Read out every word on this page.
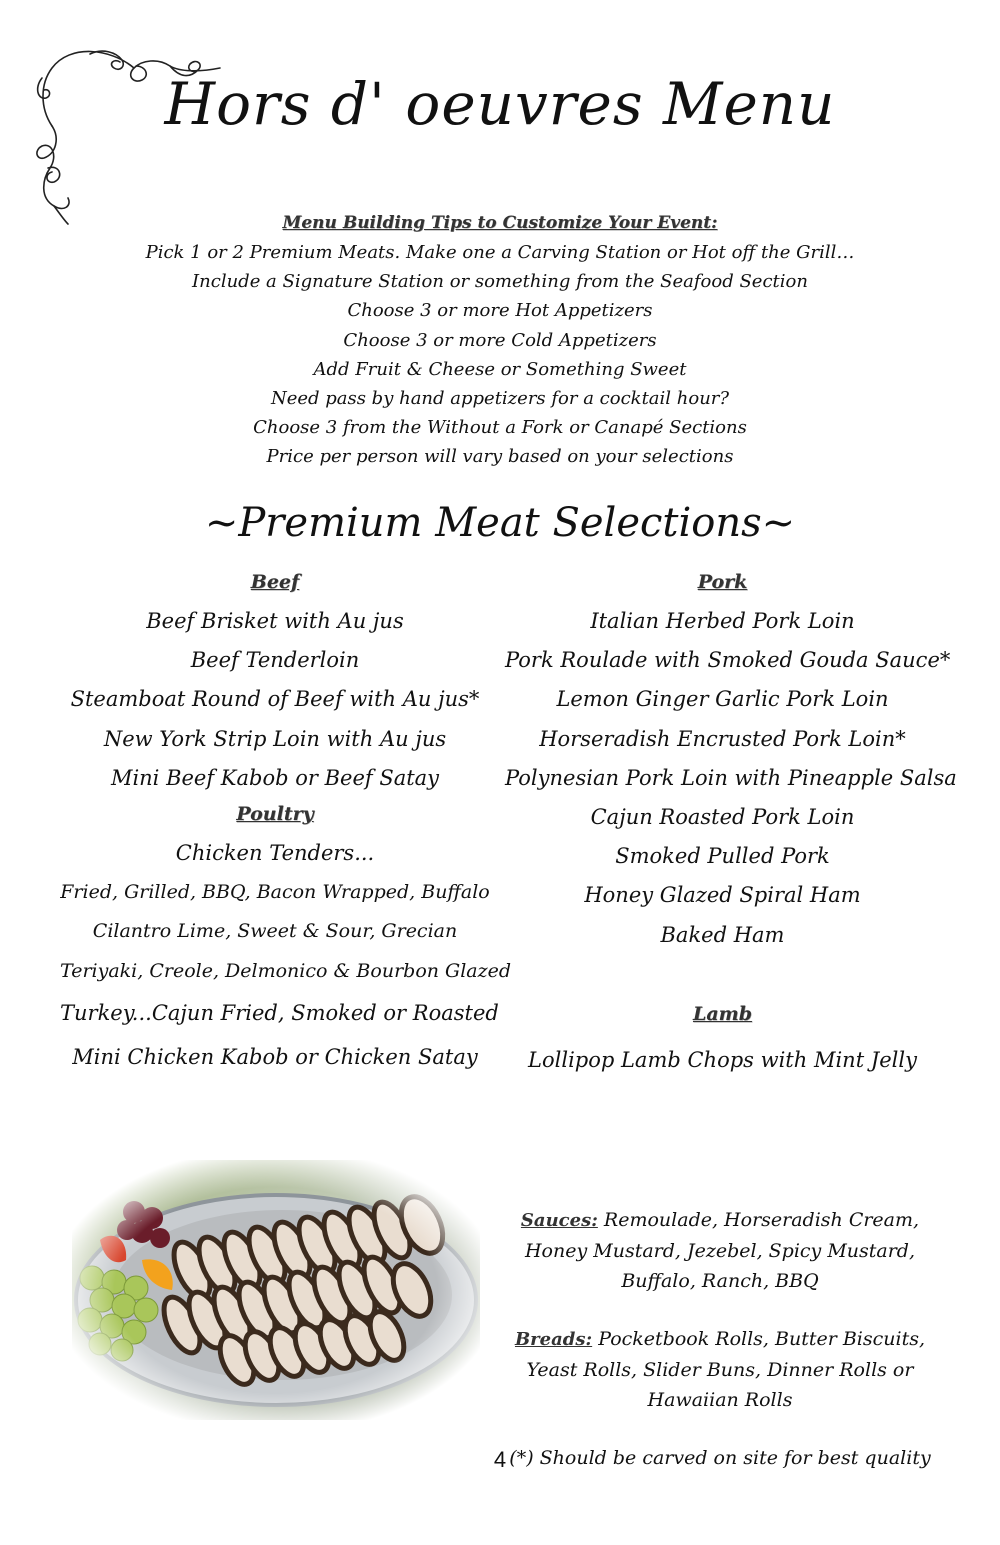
Hors d' oeuvres Menu
Menu Building Tips to Customize Your Event:
Pick 1 or 2 Premium Meats. Make one a Carving Station or Hot off the Grill…
Include a Signature Station or something from the Seafood Section
Choose 3 or more Hot Appetizers
Choose 3 or more Cold Appetizers
Add Fruit & Cheese or Something Sweet
Need pass by hand appetizers for a cocktail hour?
Choose 3 from the Without a Fork or Canapé Sections
Price per person will vary based on your selections
~Premium Meat Selections~
Beef
Beef Brisket with Au jus
Beef Tenderloin
Steamboat Round of Beef with Au jus*
New York Strip Loin with Au jus
Mini Beef Kabob or Beef Satay
Poultry
Chicken Tenders...
Fried, Grilled, BBQ, Bacon Wrapped, Buffalo
Cilantro Lime, Sweet & Sour, Grecian
Teriyaki, Creole, Delmonico & Bourbon Glazed
Turkey...Cajun Fried, Smoked or Roasted
Mini Chicken Kabob or Chicken Satay
Pork
Italian Herbed Pork Loin
Pork Roulade with Smoked Gouda Sauce*
Lemon Ginger Garlic Pork Loin
Horseradish Encrusted Pork Loin*
Polynesian Pork Loin with Pineapple Salsa
Cajun Roasted Pork Loin
Smoked Pulled Pork
Honey Glazed Spiral Ham
Baked Ham
Lamb
Lollipop Lamb Chops with Mint Jelly

Sauces: Remoulade, Horseradish Cream, Honey Mustard, Jezebel, Spicy Mustard, Buffalo, Ranch, BBQ

Breads: Pocketbook Rolls, Butter Biscuits, Yeast Rolls, Slider Buns, Dinner Rolls or Hawaiian Rolls

(*) Should be carved on site for best quality

4
